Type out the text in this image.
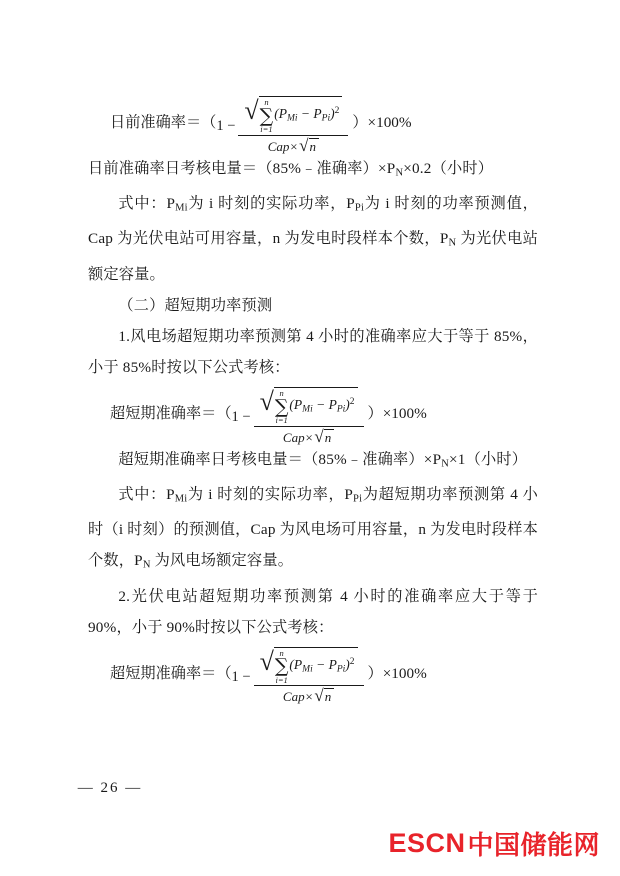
日前准确率＝（ 1 −
√ n
∑
i=1
$(P_{Mi} - P_{Pi})^2$
Cap× √ n
）×100%

日前准确率日考核电量＝（85%﹣准确率）$\times P_N\times 0.2$（小时）

式中：$P_{Mi}$为 i 时刻的实际功率，$P_{Pi}$为 i 时刻的功率预测值，Cap 为光伏电站可用容量，n 为发电时段样本个数，$P_N$ 为光伏电站额定容量。

（二）超短期功率预测

1.风电场超短期功率预测第 4 小时的准确率应大于等于 85%，小于 85%时按以下公式考核：

超短期准确率＝（ 1 −
√ n
∑
i=1
$(P_{Mi} - P_{Pi})^2$
Cap× √ n
）×100%

超短期准确率日考核电量＝（85%﹣准确率）$\times P_N\times 1$（小时）

式中：$P_{Mi}$为 i 时刻的实际功率，$P_{Pi}$为超短期功率预测第 4 小时（i 时刻）的预测值，Cap 为风电场可用容量，n 为发电时段样本个数，$P_N$ 为风电场额定容量。

2.光伏电站超短期功率预测第 4 小时的准确率应大于等于 90%，小于 90%时按以下公式考核：

超短期准确率＝（ 1 −
√ n
∑
i=1
$(P_{Mi} - P_{Pi})^2$
Cap× √ n
）×100%
— 26 —
ESCN 中国储能网
